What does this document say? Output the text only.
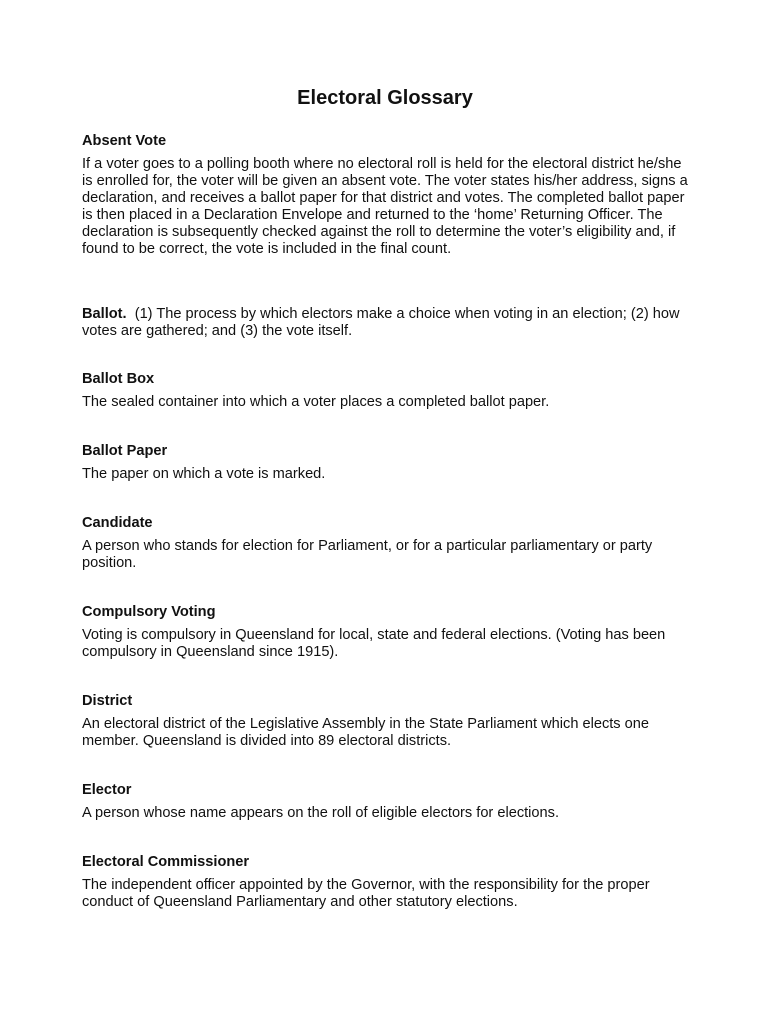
Electoral Glossary

Absent Vote

If a voter goes to a polling booth where no electoral roll is held for the electoral district he/she is enrolled for, the voter will be given an absent vote. The voter states his/her address, signs a declaration, and receives a ballot paper for that district and votes. The completed ballot paper is then placed in a Declaration Envelope and returned to the ‘home’ Returning Officer. The declaration is subsequently checked against the roll to determine the voter’s eligibility and, if found to be correct, the vote is included in the final count.

Ballot. (1) The process by which electors make a choice when voting in an election; (2) how votes are gathered; and (3) the vote itself.

Ballot Box

The sealed container into which a voter places a completed ballot paper.

Ballot Paper

The paper on which a vote is marked.

Candidate

A person who stands for election for Parliament, or for a particular parliamentary or party position.

Compulsory Voting

Voting is compulsory in Queensland for local, state and federal elections. (Voting has been compulsory in Queensland since 1915).

District

An electoral district of the Legislative Assembly in the State Parliament which elects one member. Queensland is divided into 89 electoral districts.

Elector

A person whose name appears on the roll of eligible electors for elections.

Electoral Commissioner

The independent officer appointed by the Governor, with the responsibility for the proper conduct of Queensland Parliamentary and other statutory elections.
